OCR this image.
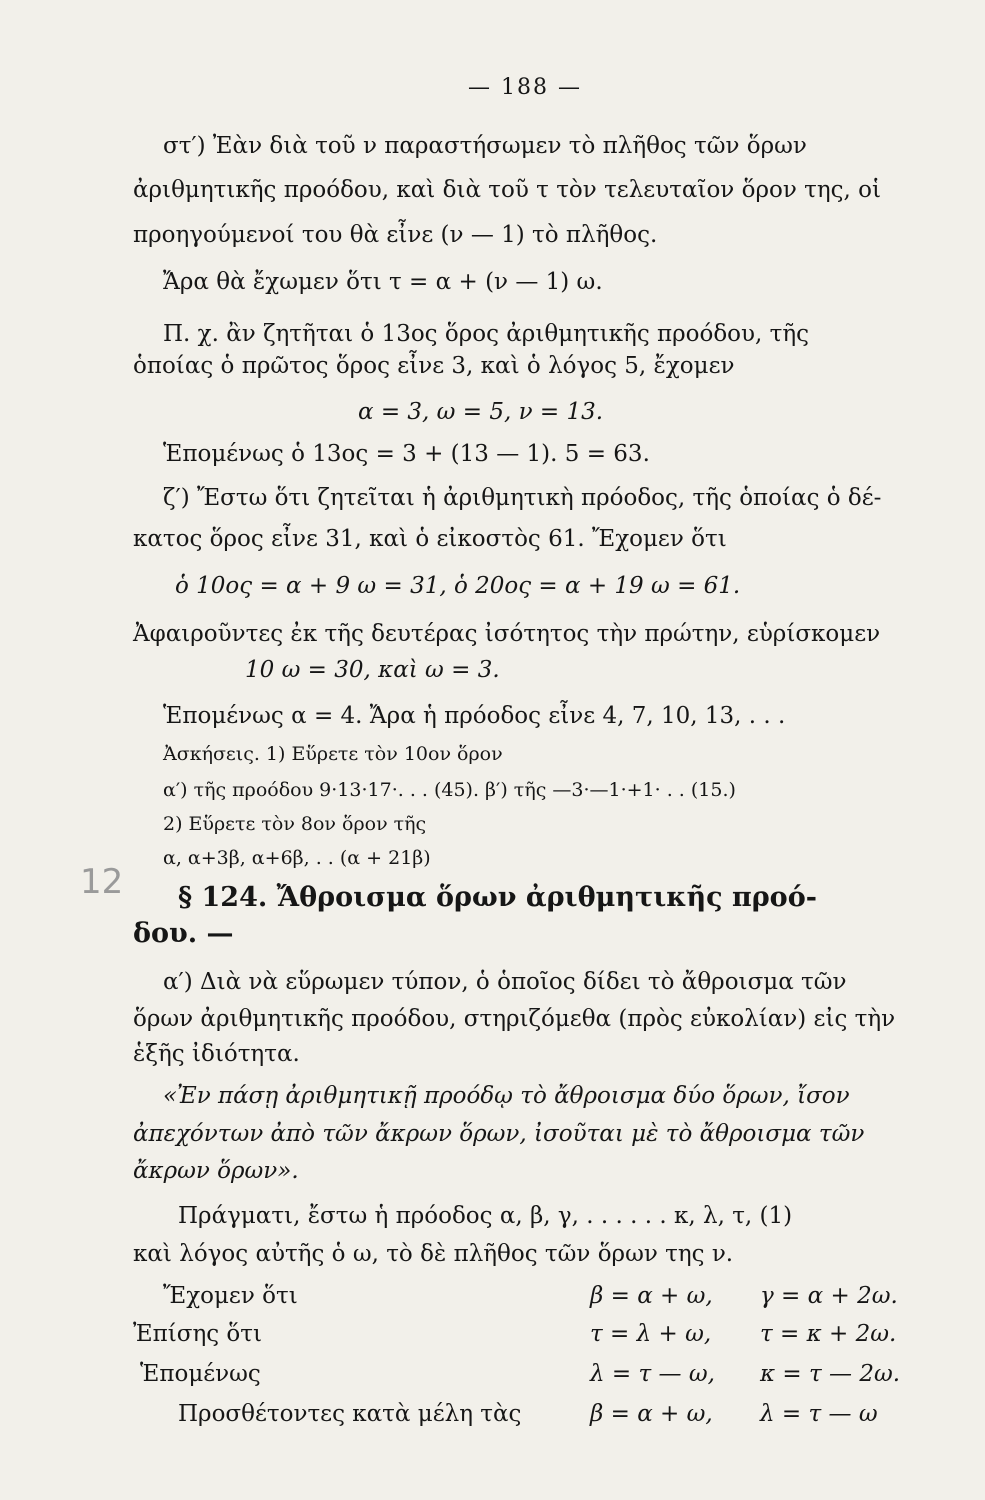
— 188 —
στ′) Ἐὰν διὰ τοῦ ν παραστήσωμεν τὸ πλῆθος τῶν ὅρων
ἀριθμητικῆς προόδου, καὶ διὰ τοῦ τ τὸν τελευταῖον ὅρον της, οἱ
προηγούμενοί του θὰ εἶνε (ν — 1) τὸ πλῆθος.
Ἄρα θὰ ἔχωμεν ὅτι τ = α + (ν — 1) ω.
Π. χ. ἂν ζητῆται ὁ 13ος ὅρος ἀριθμητικῆς προόδου, τῆς
ὁποίας ὁ πρῶτος ὅρος εἶνε 3, καὶ ὁ λόγος 5, ἔχομεν
α = 3, ω = 5, ν = 13.
Ἑπομένως ὁ 13ος = 3 + (13 — 1). 5 = 63.
ζ′) Ἔστω ὅτι ζητεῖται ἡ ἀριθμητικὴ πρόοδος, τῆς ὁποίας ὁ δέ-
κατος ὅρος εἶνε 31, καὶ ὁ εἰκοστὸς 61. Ἔχομεν ὅτι
ὁ 10ος = α + 9 ω = 31, ὁ 20ος = α + 19 ω = 61.
Ἀφαιροῦντες ἐκ τῆς δευτέρας ἰσότητος τὴν πρώτην, εὑρίσκομεν
10 ω = 30, καὶ ω = 3.
Ἑπομένως α = 4. Ἄρα ἡ πρόοδος εἶνε 4, 7, 10, 13, . . .
Ἀσκήσεις. 1) Εὕρετε τὸν 10ον ὅρον
α′) τῆς προόδου 9·13·17·. . . (45). β′) τῆς —3·—1·+1· . . (15.)
2) Εὕρετε τὸν 8ον ὅρον τῆς
α, α+3β, α+6β, . . (α + 21β)
12 § 124. Ἄθροισμα ὅρων ἀριθμητικῆς προό-
δου. —
α′) Διὰ νὰ εὕρωμεν τύπον, ὁ ὁποῖος δίδει τὸ ἄθροισμα τῶν
ὅρων ἀριθμητικῆς προόδου, στηριζόμεθα (πρὸς εὐκολίαν) εἰς τὴν
ἑξῆς ἰδιότητα.
«Ἐν πάσῃ ἀριθμητικῇ προόδῳ τὸ ἄθροισμα δύο ὅρων, ἴσον
ἀπεχόντων ἀπὸ τῶν ἄκρων ὅρων, ἰσοῦται μὲ τὸ ἄθροισμα τῶν
ἄκρων ὅρων».
Πράγματι, ἔστω ἡ πρόοδος α, β, γ, . . . . . . κ, λ, τ, (1)
καὶ λόγος αὐτῆς ὁ ω, τὸ δὲ πλῆθος τῶν ὅρων της ν.
Ἔχομεν ὅτι	β = α + ω, γ = α + 2ω.
Ἐπίσης ὅτι	τ = λ + ω, τ = κ + 2ω.
Ἑπομένως	λ = τ — ω, κ = τ — 2ω.
Προσθέτοντες κατὰ μέλη τὰς	β = α + ω, λ = τ — ω
